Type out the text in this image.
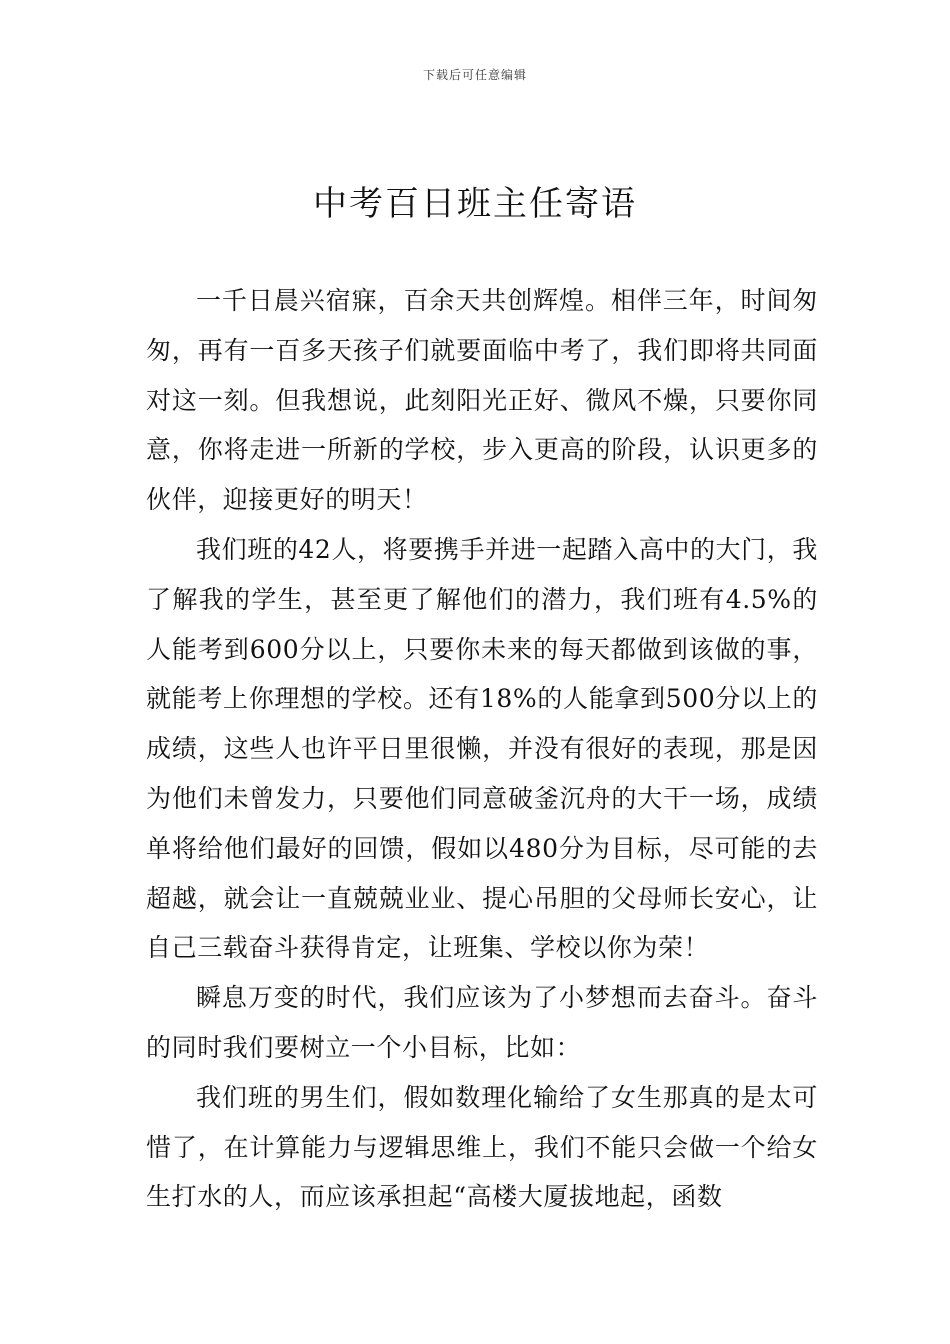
下载后可任意编辑
中考百日班主任寄语

一千日晨兴宿寐，百余天共创辉煌。相伴三年，时间匆匆，再有一百多天孩子们就要面临中考了，我们即将共同面对这一刻。但我想说，此刻阳光正好、微风不燥，只要你同意，你将走进一所新的学校，步入更高的阶段，认识更多的伙伴，迎接更好的明天！

我们班的42人，将要携手并进一起踏入高中的大门，我了解我的学生，甚至更了解他们的潜力，我们班有4.5%的人能考到600分以上，只要你未来的每天都做到该做的事，就能考上你理想的学校。还有18%的人能拿到500分以上的成绩，这些人也许平日里很懒，并没有很好的表现，那是因为他们未曾发力，只要他们同意破釜沉舟的大干一场，成绩单将给他们最好的回馈，假如以480分为目标，尽可能的去超越，就会让一直兢兢业业、提心吊胆的父母师长安心，让自己三载奋斗获得肯定，让班集、学校以你为荣！

瞬息万变的时代，我们应该为了小梦想而去奋斗。奋斗的同时我们要树立一个小目标，比如：

我们班的男生们，假如数理化输给了女生那真的是太可惜了，在计算能力与逻辑思维上，我们不能只会做一个给女生打水的人，而应该承担起“高楼大厦拔地起，函数
